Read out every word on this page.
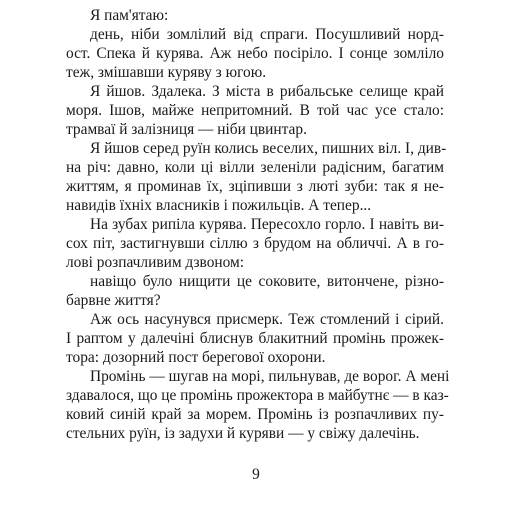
Я пам'ятаю:
день, ніби зомлілий від спраги. Посушливий норд-
ост. Спека й курява. Аж небо посіріло. І сонце зомліло
теж, змішавши куряву з югою.
Я йшов. Здалека. З міста в рибальське селище край
моря. Ішов, майже непритомний. В той час усе стало:
трамваї й залізниця — ніби цвинтар.
Я йшов серед руїн колись веселих, пишних віл. І, див-
на річ: давно, коли ці вілли зеленіли радісним, багатим
життям, я проминав їх, зціпивши з люті зуби: так я не-
навидів їхніх власників і пожильців. А тепер...
На зубах рипіла курява. Пересохло горло. І навіть ви-
сох піт, застигнувши сіллю з брудом на обличчі. А в го-
лові розпачливим дзвоном:
навіщо було нищити це соковите, витончене, різно-
барвне життя?
Аж ось насунувся присмерк. Теж стомлений і сірий.
І раптом у далечіні блиснув блакитний промінь прожек-
тора: дозорний пост берегової охорони.
Промінь — шугав на морі, пильнував, де ворог. А мені
здавалося, що це промінь прожектора в майбутнє — в каз-
ковий синій край за морем. Промінь із розпачливих пу-
стельних руїн, із задухи й куряви — у свіжу далечінь.
9
